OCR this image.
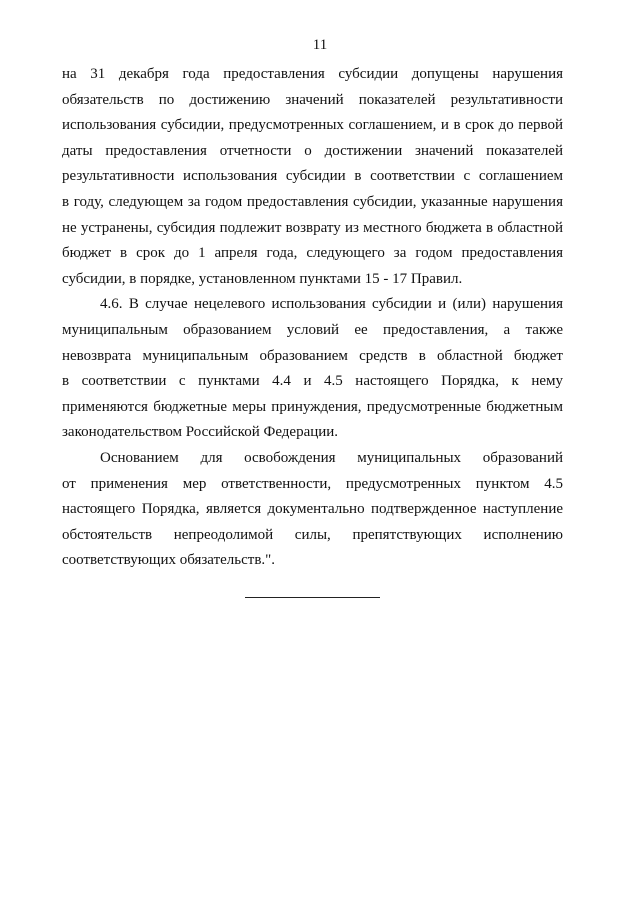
11
на 31 декабря года предоставления субсидии допущены нарушения
обязательств по достижению значений показателей результативности
использования субсидии, предусмотренных соглашением, и в срок до первой
даты предоставления отчетности о достижении значений показателей
результативности использования субсидии в соответствии с соглашением
в году, следующем за годом предоставления субсидии, указанные нарушения
не устранены, субсидия подлежит возврату из местного бюджета в областной
бюджет в срок до 1 апреля года, следующего за годом предоставления
субсидии, в порядке, установленном пунктами 15 - 17 Правил.
4.6. В случае нецелевого использования субсидии и (или) нарушения
муниципальным образованием условий ее предоставления, а также
невозврата муниципальным образованием средств в областной бюджет
в соответствии с пунктами 4.4 и 4.5 настоящего Порядка, к нему
применяются бюджетные меры принуждения, предусмотренные бюджетным
законодательством Российской Федерации.
Основанием для освобождения муниципальных образований
от применения мер ответственности, предусмотренных пунктом 4.5
настоящего Порядка, является документально подтвержденное наступление
обстоятельств непреодолимой силы, препятствующих исполнению
соответствующих обязательств.".
